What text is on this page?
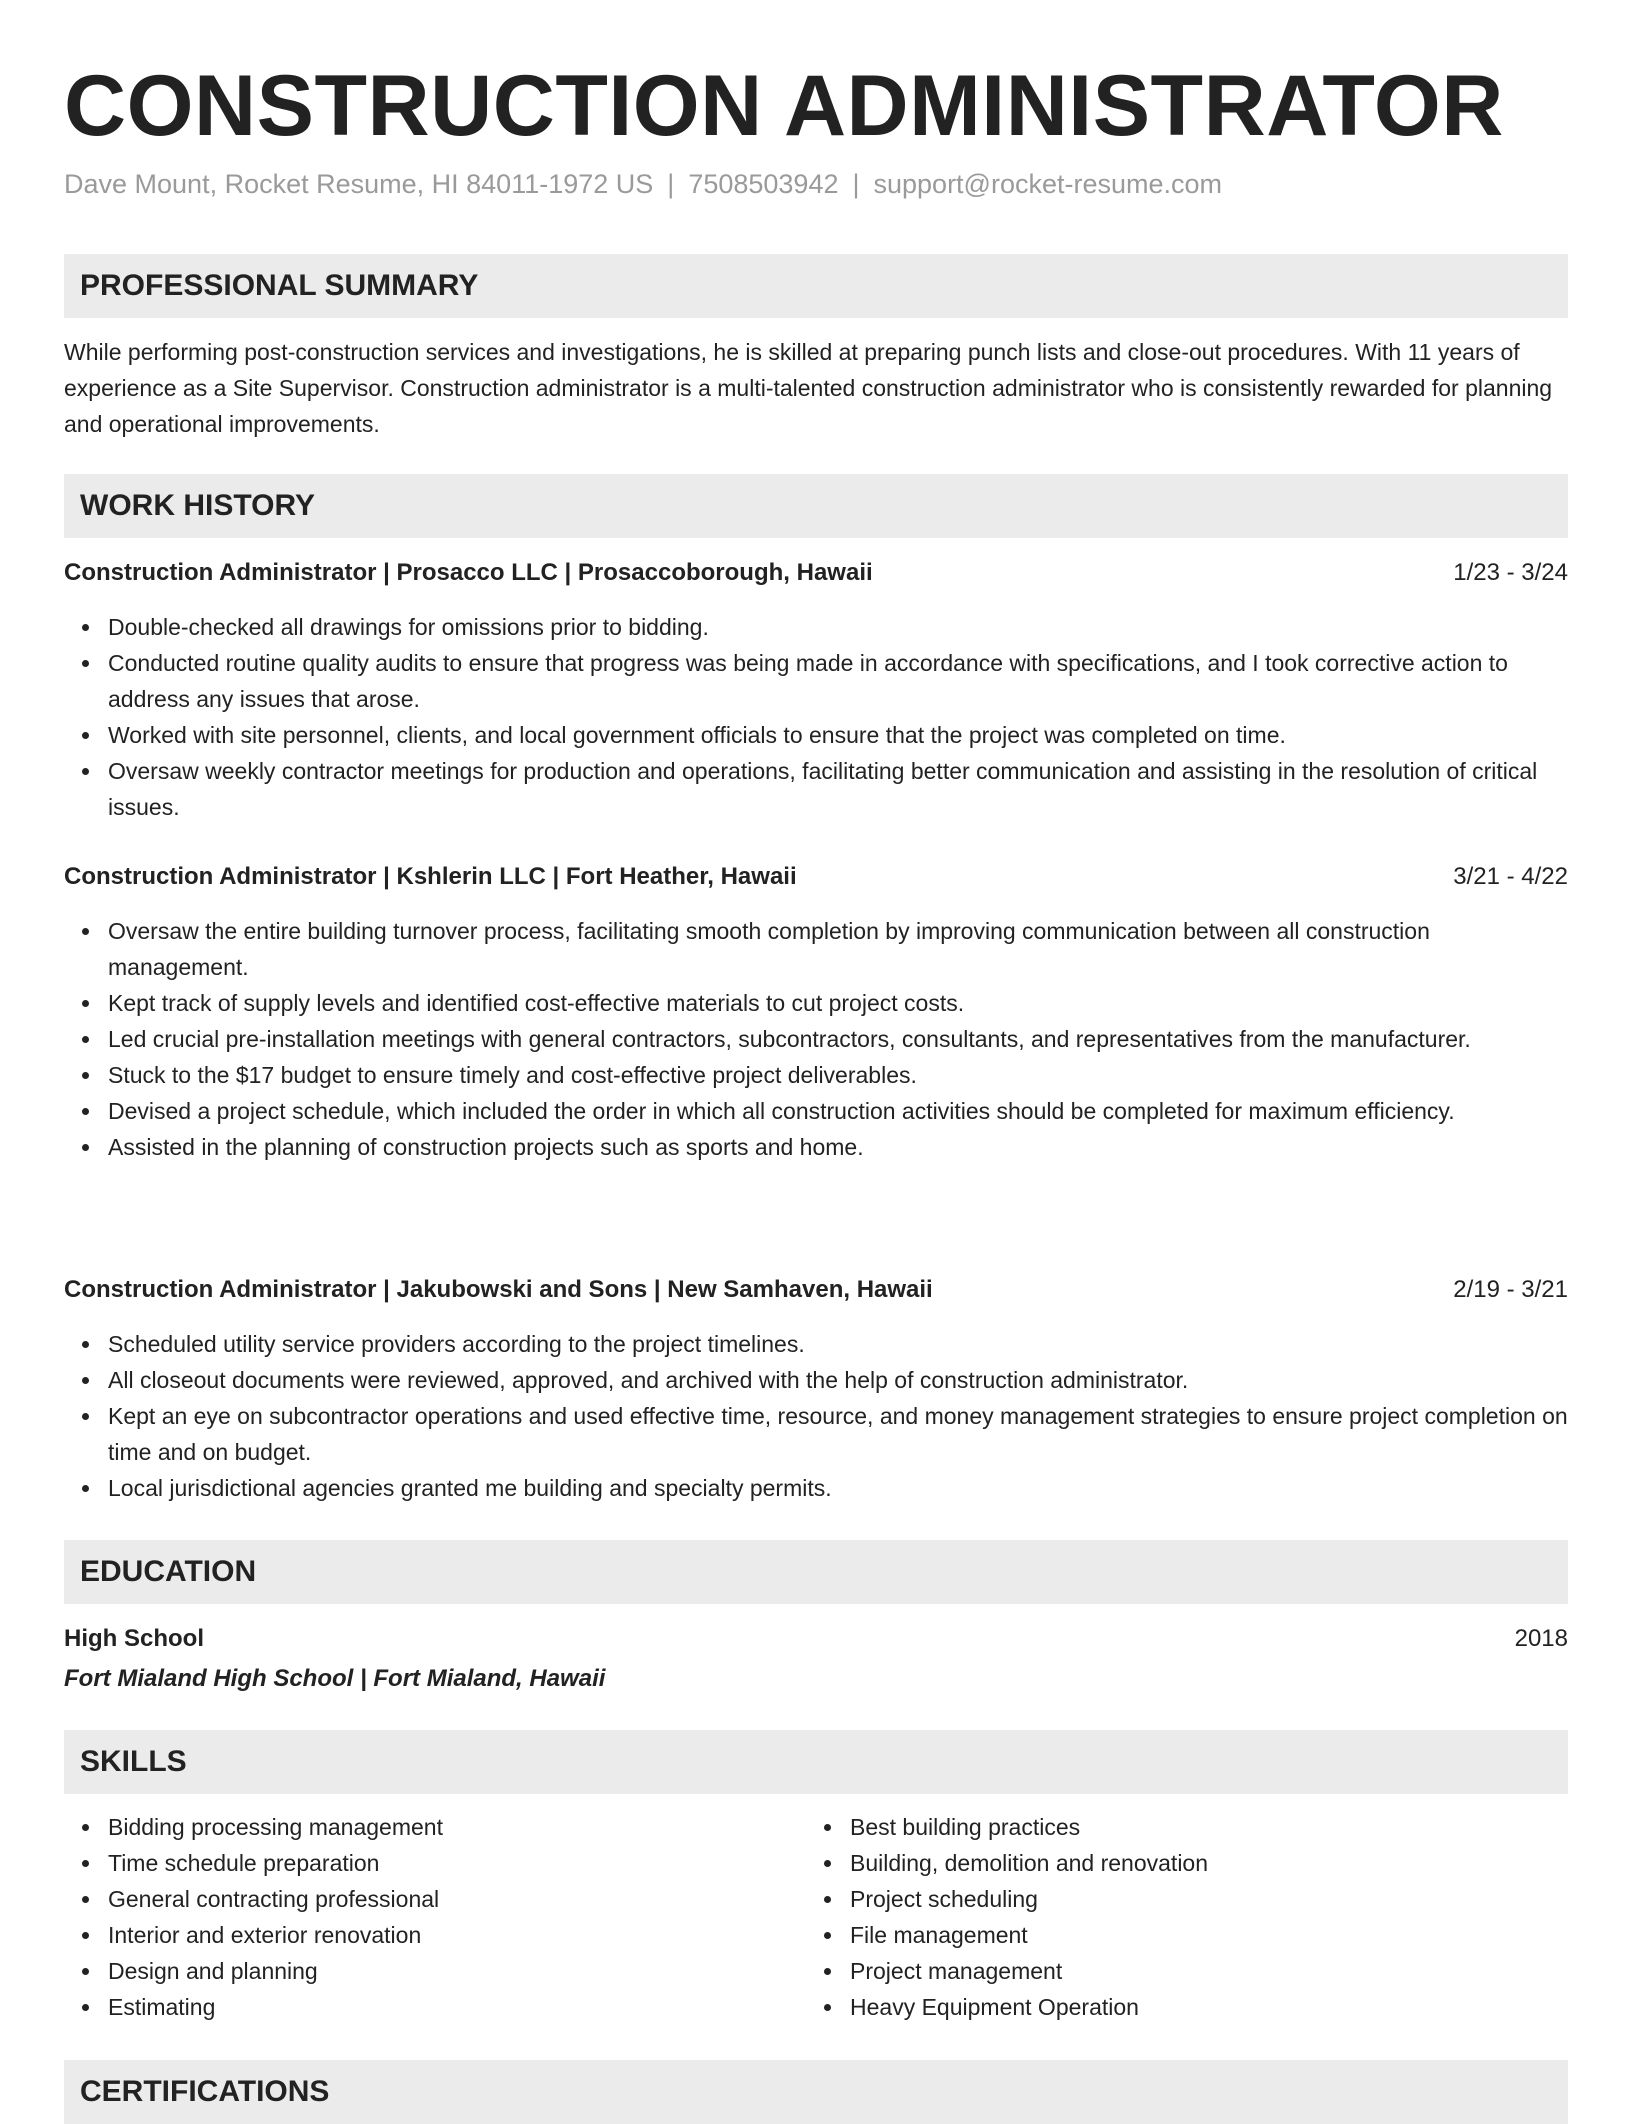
CONSTRUCTION ADMINISTRATOR
Dave Mount, Rocket Resume, HI 84011-1972 US | 7508503942 | support@rocket-resume.com
PROFESSIONAL SUMMARY

While performing post-construction services and investigations, he is skilled at preparing punch lists and close-out procedures. With 11 years of experience as a Site Supervisor. Construction administrator is a multi-talented construction administrator who is consistently rewarded for planning and operational improvements.

WORK HISTORY
Construction Administrator | Prosacco LLC | Prosaccoborough, Hawaii	1/23 - 3/24
Double-checked all drawings for omissions prior to bidding.
Conducted routine quality audits to ensure that progress was being made in accordance with specifications, and I took corrective action to address any issues that arose.
Worked with site personnel, clients, and local government officials to ensure that the project was completed on time.
Oversaw weekly contractor meetings for production and operations, facilitating better communication and assisting in the resolution of critical issues.
Construction Administrator | Kshlerin LLC | Fort Heather, Hawaii	3/21 - 4/22
Oversaw the entire building turnover process, facilitating smooth completion by improving communication between all construction management.
Kept track of supply levels and identified cost-effective materials to cut project costs.
Led crucial pre-installation meetings with general contractors, subcontractors, consultants, and representatives from the manufacturer.
Stuck to the $17 budget to ensure timely and cost-effective project deliverables.
Devised a project schedule, which included the order in which all construction activities should be completed for maximum efficiency.
Assisted in the planning of construction projects such as sports and home.
Construction Administrator | Jakubowski and Sons | New Samhaven, Hawaii	2/19 - 3/21
Scheduled utility service providers according to the project timelines.
All closeout documents were reviewed, approved, and archived with the help of construction administrator.
Kept an eye on subcontractor operations and used effective time, resource, and money management strategies to ensure project completion on time and on budget.
Local jurisdictional agencies granted me building and specialty permits.
EDUCATION
High School	2018
Fort Mialand High School | Fort Mialand, Hawaii
SKILLS
Bidding processing management
Time schedule preparation
General contracting professional
Interior and exterior renovation
Design and planning
Estimating
Best building practices
Building, demolition and renovation
Project scheduling
File management
Project management
Heavy Equipment Operation
CERTIFICATIONS
